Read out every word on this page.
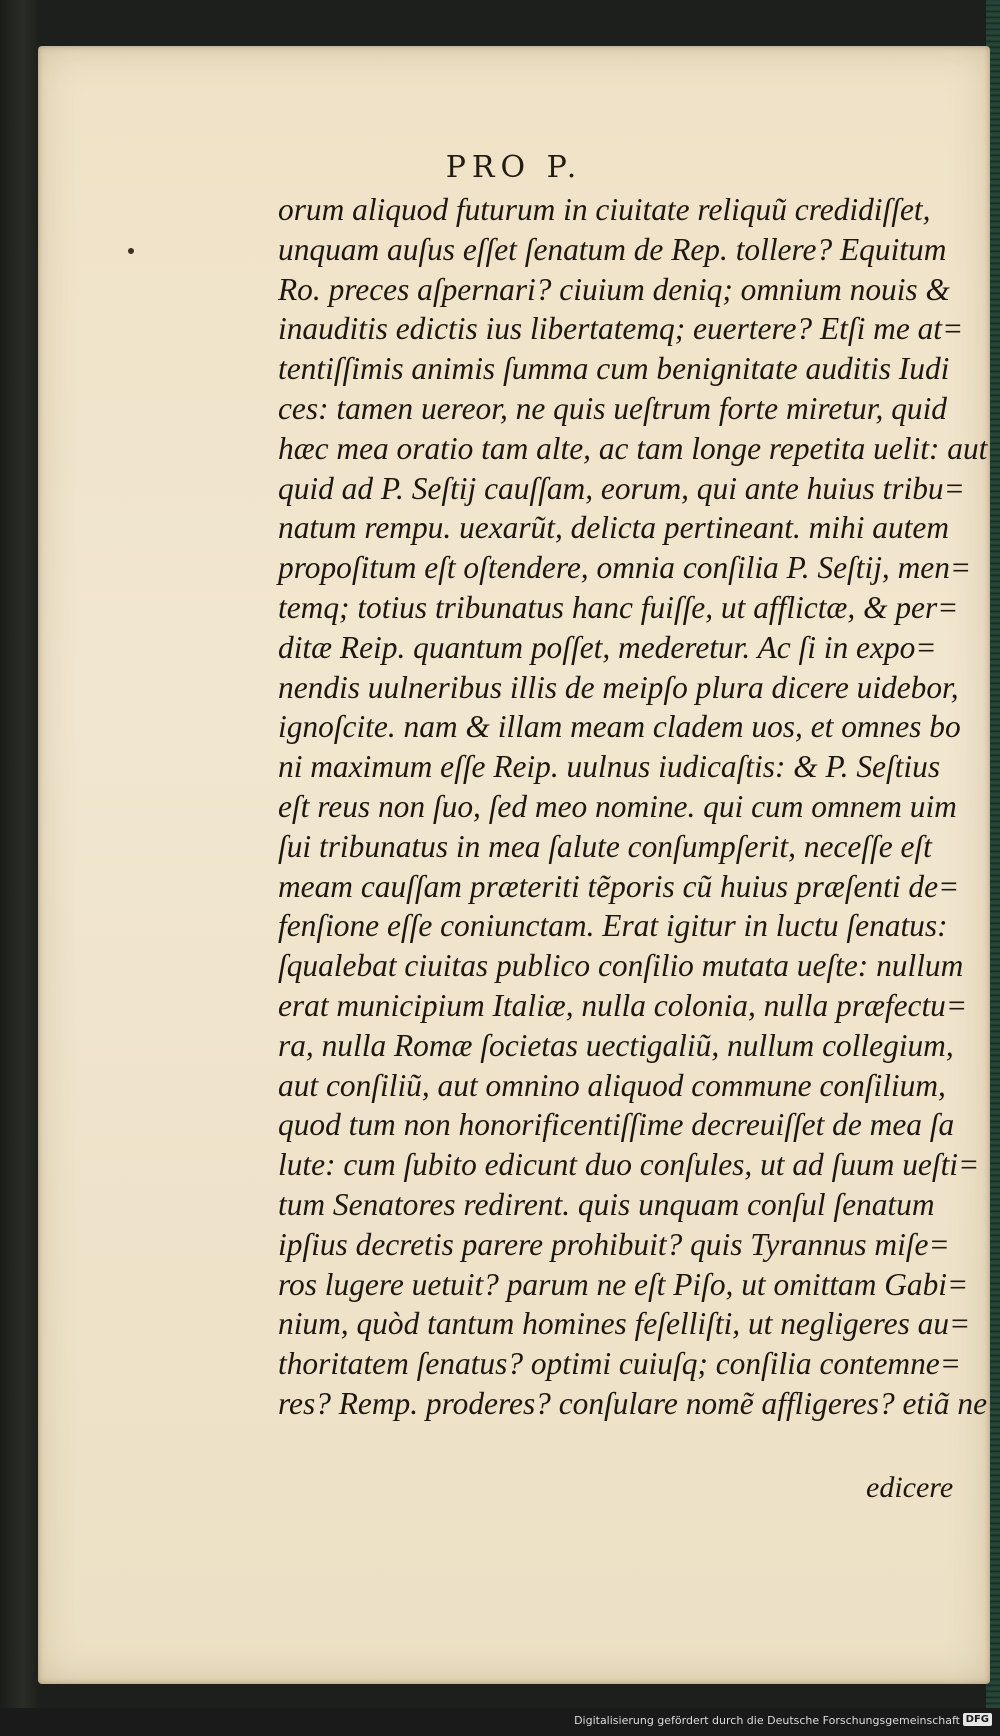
PRO P.
orum aliquod futurum in ciuitate reliquũ credidiſſet,
unquam auſus eſſet ſenatum de Rep. tollere? Equitum
Ro. preces aſpernari? ciuium deniq; omnium nouis &
inauditis edictis ius libertatemq; euertere? Etſi me at=
tentiſſimis animis ſumma cum benignitate auditis Iudi
ces: tamen uereor, ne quis ueſtrum forte miretur, quid
hæc mea oratio tam alte, ac tam longe repetita uelit: aut
quid ad P. Seſtij cauſſam, eorum, qui ante huius tribu=
natum rempu. uexarũt, delicta pertineant. mihi autem
propoſitum eſt oſtendere, omnia conſilia P. Seſtij, men=
temq; totius tribunatus hanc fuiſſe, ut afflictæ, & per=
ditæ Reip. quantum poſſet, mederetur. Ac ſi in expo=
nendis uulneribus illis de meipſo plura dicere uidebor,
ignoſcite. nam & illam meam cladem uos, et omnes bo
ni maximum eſſe Reip. uulnus iudicaſtis: & P. Seſtius
eſt reus non ſuo, ſed meo nomine. qui cum omnem uim
ſui tribunatus in mea ſalute conſumpſerit, neceſſe eſt
meam cauſſam præteriti tẽporis cũ huius præſenti de=
fenſione eſſe coniunctam. Erat igitur in luctu ſenatus:
ſqualebat ciuitas publico conſilio mutata ueſte: nullum
erat municipium Italiæ, nulla colonia, nulla præfectu=
ra, nulla Romæ ſocietas uectigaliũ, nullum collegium,
aut conſiliũ, aut omnino aliquod commune conſilium,
quod tum non honorificentiſſime decreuiſſet de mea ſa
lute: cum ſubito edicunt duo conſules, ut ad ſuum ueſti=
tum Senatores redirent. quis unquam conſul ſenatum
ipſius decretis parere prohibuit? quis Tyrannus miſe=
ros lugere uetuit? parum ne eſt Piſo, ut omittam Gabi=
nium, quòd tantum homines feſelliſti, ut negligeres au=
thoritatem ſenatus? optimi cuiuſq; conſilia contemne=
res? Remp. proderes? conſulare nomẽ affligeres? etiã ne
edicere
Digitalisierung gefördert durch die Deutsche Forschungsgemeinschaft DFG
